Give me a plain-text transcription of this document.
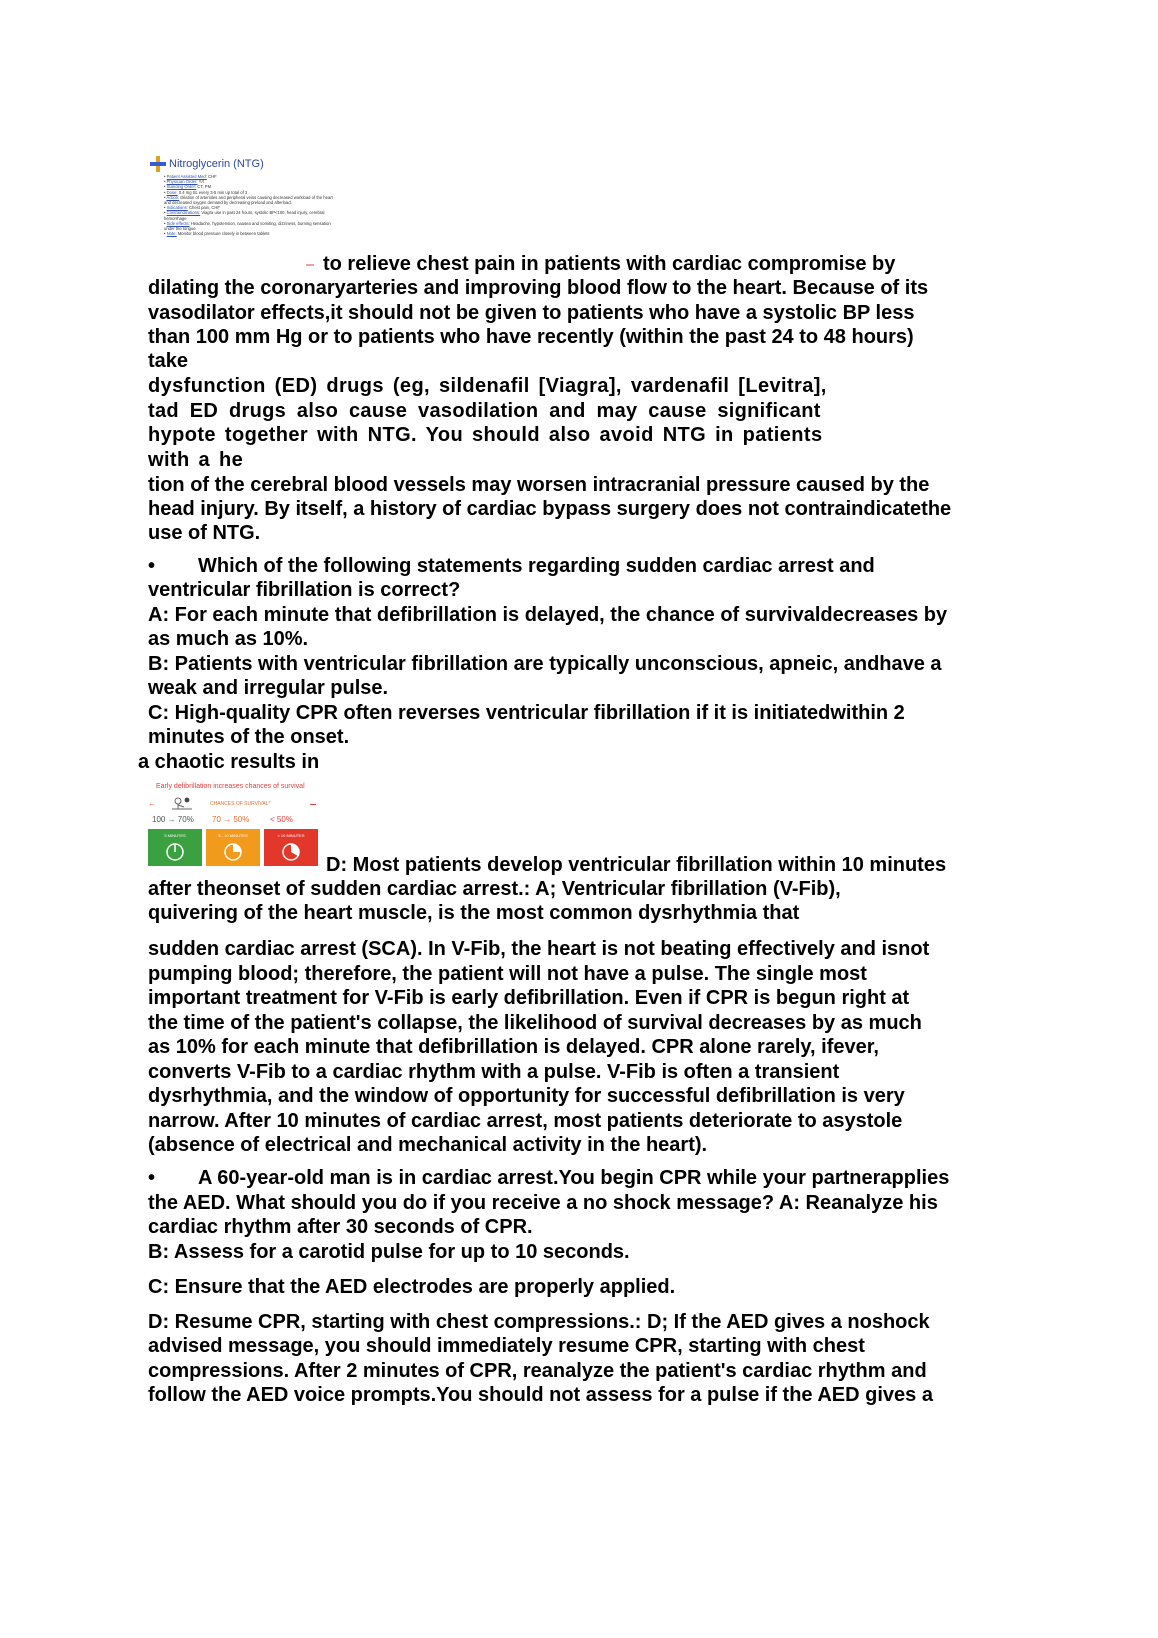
Nitroglycerin (NTG)
• Patient Assisted Med: CHF
• Physician Order: Y/I
• Standing Order: CT, PM
• Dose: 0.4 mg SL every 3-5 min up total of 3
• Action: Dilation of arterioles and peripheral veins causing decreased workload of the heart and decreased oxygen demand by decreasing preload and afterload.
• Indications: Chest pain, CHF
• Contraindications: Viagra use in past 24 hours, systolic BP<100, head injury, cerebral hemorrhage
• Side effects: Headache, hypotension, nausea and vomiting, dizziness, burning sensation under the tongue
• Note: Monitor blood pressure closely in between tablets
to relieve chest pain in patients with cardiac compromise by
dilating the coronaryarteries and improving blood flow to the heart. Because of its
vasodilator effects,it should not be given to patients who have a systolic BP less
than 100 mm Hg or to patients who have recently (within the past 24 to 48 hours)
take
dysfunction (ED) drugs (eg, sildenafil [Viagra], vardenafil [Levitra],
tad ED drugs also cause vasodilation and may cause significant
hypote together with NTG. You should also avoid NTG in patients
with a he
tion of the cerebral blood vessels may worsen intracranial pressure caused by the
head injury. By itself, a history of cardiac bypass surgery does not contraindicatethe
use of NTG.
• Which of the following statements regarding sudden cardiac arrest and
ventricular fibrillation is correct?
A: For each minute that defibrillation is delayed, the chance of survivaldecreases by
as much as 10%.
B: Patients with ventricular fibrillation are typically unconscious, apneic, andhave a
weak and irregular pulse.
C: High-quality CPR often reverses ventricular fibrillation if it is initiatedwithin 2
minutes of the onset.
a chaotic results in
Early defibrillation increases chances of survival
←	CHANCES OF SURVIVAL*
100 → 70% 70 → 50%	< 50%
5 MINUTES	5 - 10 MINUTES	> 10 MINUTES
D: Most patients develop ventricular fibrillation within 10 minutes
after theonset of sudden cardiac arrest.: A; Ventricular fibrillation (V-Fib),
quivering of the heart muscle, is the most common dysrhythmia that
sudden cardiac arrest (SCA). In V-Fib, the heart is not beating effectively and isnot
pumping blood; therefore, the patient will not have a pulse. The single most
important treatment for V-Fib is early defibrillation. Even if CPR is begun right at
the time of the patient's collapse, the likelihood of survival decreases by as much
as 10% for each minute that defibrillation is delayed. CPR alone rarely, ifever,
converts V-Fib to a cardiac rhythm with a pulse. V-Fib is often a transient
dysrhythmia, and the window of opportunity for successful defibrillation is very
narrow. After 10 minutes of cardiac arrest, most patients deteriorate to asystole
(absence of electrical and mechanical activity in the heart).
• A 60-year-old man is in cardiac arrest.You begin CPR while your partnerapplies
the AED. What should you do if you receive a no shock message? A: Reanalyze his
cardiac rhythm after 30 seconds of CPR.
B: Assess for a carotid pulse for up to 10 seconds.
C: Ensure that the AED electrodes are properly applied.
D: Resume CPR, starting with chest compressions.: D; If the AED gives a noshock
advised message, you should immediately resume CPR, starting with chest
compressions. After 2 minutes of CPR, reanalyze the patient's cardiac rhythm and
follow the AED voice prompts.You should not assess for a pulse if the AED gives a
